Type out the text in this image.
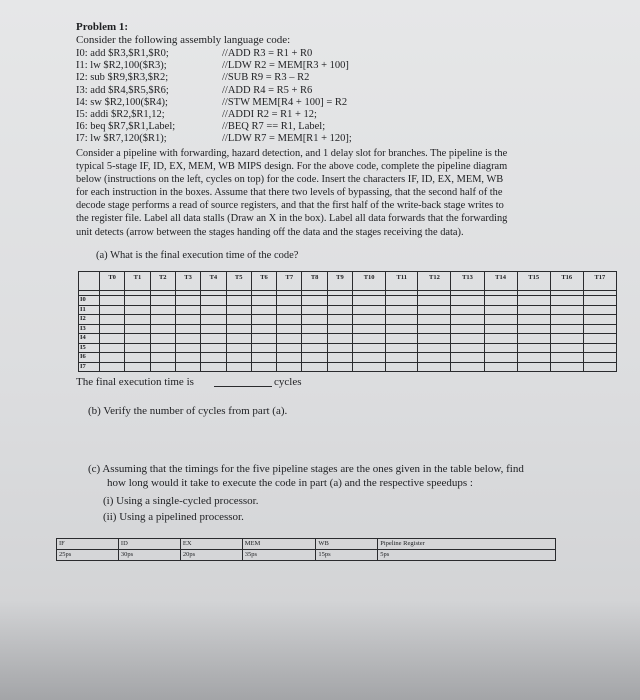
Problem 1:
Consider the following assembly language code:
I0: add $R3,$R1,$R0;	//ADD R3 = R1 + R0
I1: lw $R2,100($R3);	//LDW R2 = MEM[R3 + 100]
I2: sub $R9,$R3,$R2;	//SUB R9 = R3 – R2
I3: add $R4,$R5,$R6;	//ADD R4 = R5 + R6
I4: sw $R2,100($R4);	//STW MEM[R4 + 100] = R2
I5: addi $R2,$R1,12;	//ADDI R2 = R1 + 12;
I6: beq $R7,$R1,Label;	//BEQ R7 == R1, Label;
I7: lw $R7,120($R1);	//LDW R7 = MEM[R1 + 120];
Consider a pipeline with forwarding, hazard detection, and 1 delay slot for branches. The pipeline is the
typical 5-stage IF, ID, EX, MEM, WB MIPS design. For the above code, complete the pipeline diagram
below (instructions on the left, cycles on top) for the code. Insert the characters IF, ID, EX, MEM, WB
for each instruction in the boxes. Assume that there two levels of bypassing, that the second half of the
decode stage performs a read of source registers, and that the first half of the write-back stage writes to
the register file. Label all data stalls (Draw an X in the box). Label all data forwards that the forwarding
unit detects (arrow between the stages handing off the data and the stages receiving the data).
(a) What is the final execution time of the code?
	T0	T1	T2	T3	T4	T5	T6	T7	T8	T9	T10	T11	T12	T13	T14	T15	T16	T17

I0																		
I1																		
I2																		
I3																		
I4																		
I5																		
I6																		
I7																		
The final execution time is	cycles
(b) Verify the number of cycles from part (a).
(c) Assuming that the timings for the five pipeline stages are the ones given in the table below, find
how long would it take to execute the code in part (a) and the respective speedups :
(i) Using a single-cycled processor.
(ii) Using a pipelined processor.
IF	ID	EX	MEM	WB	Pipeline Register
25ps	30ps	20ps	35ps	15ps	5ps
